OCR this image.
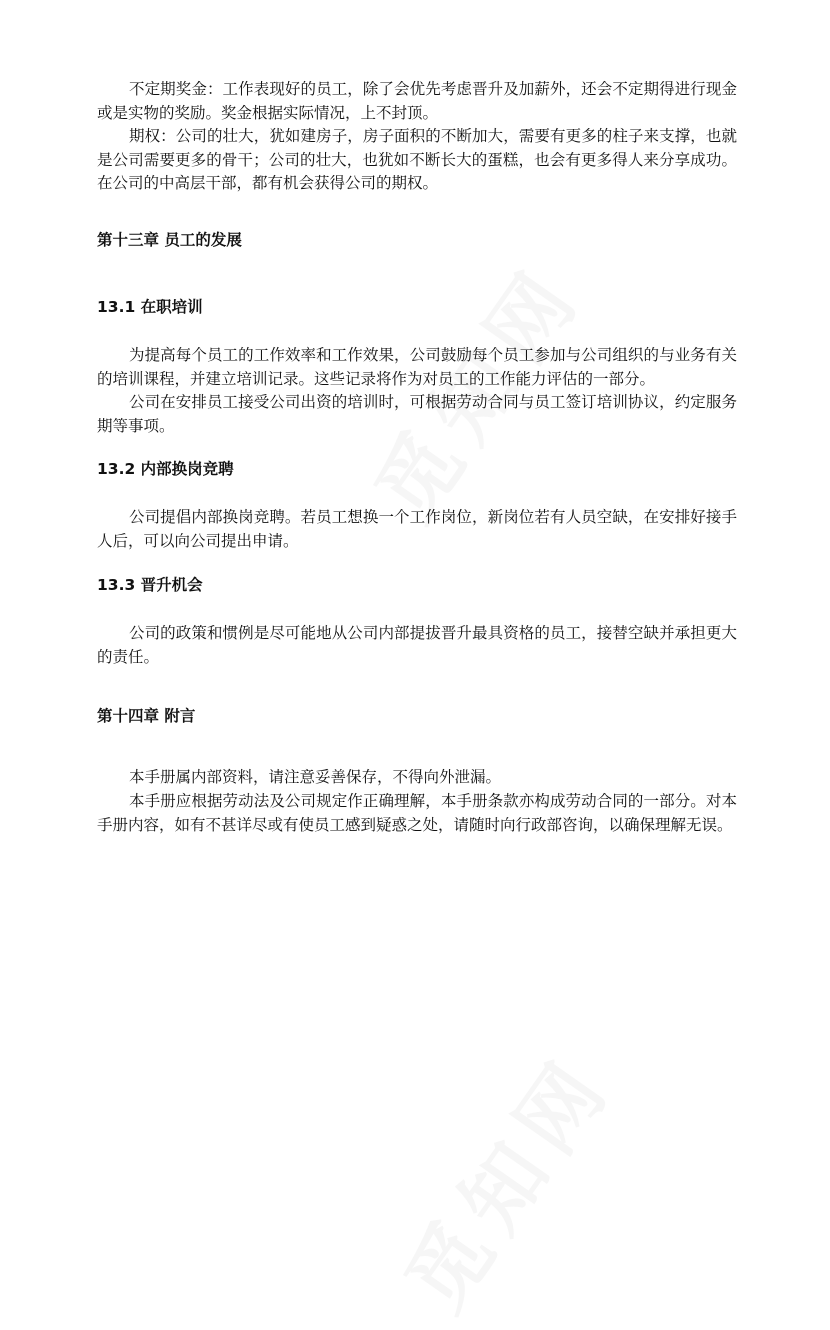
不定期奖金：工作表现好的员工，除了会优先考虑晋升及加薪外，还会不定期得进行现金或是实物的奖励。奖金根据实际情况，上不封顶。

期权：公司的壮大，犹如建房子，房子面积的不断加大，需要有更多的柱子来支撑，也就是公司需要更多的骨干；公司的壮大，也犹如不断长大的蛋糕，也会有更多得人来分享成功。在公司的中高层干部，都有机会获得公司的期权。

第十三章 员工的发展
13.1 在职培训

为提高每个员工的工作效率和工作效果，公司鼓励每个员工参加与公司组织的与业务有关的培训课程，并建立培训记录。这些记录将作为对员工的工作能力评估的一部分。

公司在安排员工接受公司出资的培训时，可根据劳动合同与员工签订培训协议，约定服务期等事项。

13.2 内部换岗竞聘

公司提倡内部换岗竞聘。若员工想换一个工作岗位，新岗位若有人员空缺，在安排好接手人后，可以向公司提出申请。

13.3 晋升机会

公司的政策和惯例是尽可能地从公司内部提拔晋升最具资格的员工，接替空缺并承担更大的责任。

第十四章 附言

本手册属内部资料，请注意妥善保存，不得向外泄漏。

本手册应根据劳动法及公司规定作正确理解，本手册条款亦构成劳动合同的一部分。对本手册内容，如有不甚详尽或有使员工感到疑惑之处，请随时向行政部咨询，以确保理解无误。
